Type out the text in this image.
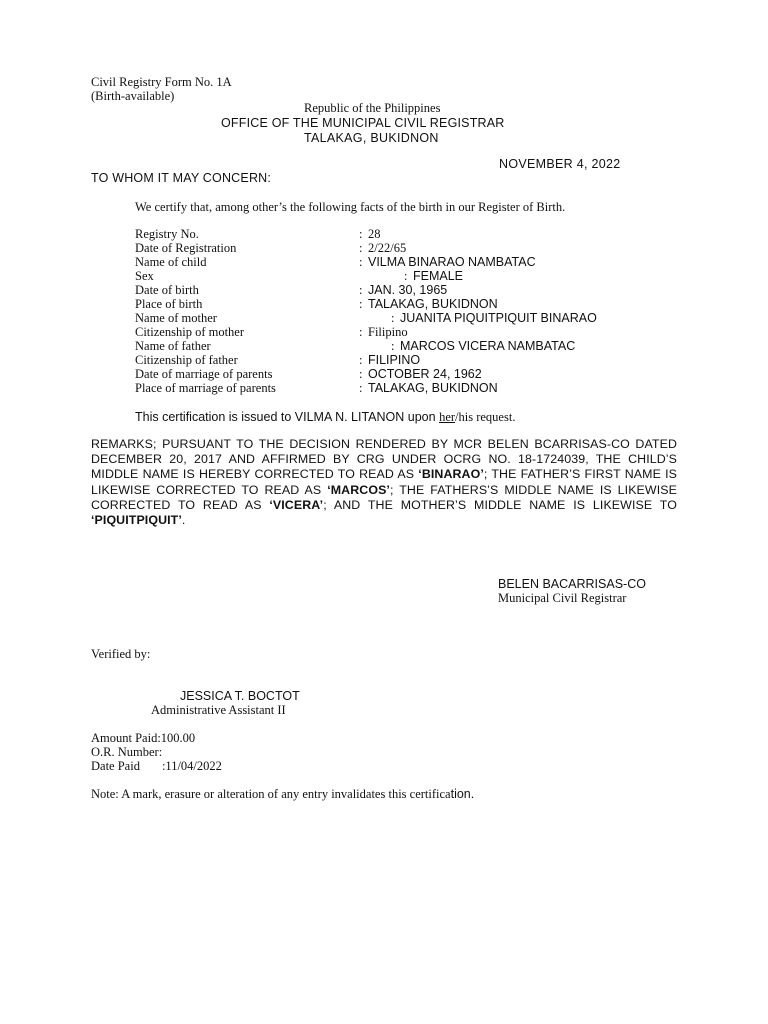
Civil Registry Form No. 1A
(Birth-available)
Republic of the Philippines
OFFICE OF THE MUNICIPAL CIVIL REGISTRAR
TALAKAG, BUKIDNON
NOVEMBER 4, 2022
TO WHOM IT MAY CONCERN:
We certify that, among other’s the following facts of the birth in our Register of Birth.
Registry No.	: 28
Date of Registration	: 2/22/65
Name of child	: VILMA BINARAO NAMBATAC
Sex	: FEMALE
Date of birth	: JAN. 30, 1965
Place of birth	: TALAKAG, BUKIDNON
Name of mother	: JUANITA PIQUITPIQUIT BINARAO
Citizenship of mother	: Filipino
Name of father	: MARCOS VICERA NAMBATAC
Citizenship of father	: FILIPINO
Date of marriage of parents	: OCTOBER 24, 1962
Place of marriage of parents	: TALAKAG, BUKIDNON
This certification is issued to VILMA N. LITANON upon her/his request.
REMARKS; PURSUANT TO THE DECISION RENDERED BY MCR BELEN BCARRISAS-CO DATED DECEMBER 20, 2017 AND AFFIRMED BY CRG UNDER OCRG NO. 18-1724039, THE CHILD’S MIDDLE NAME IS HEREBY CORRECTED TO READ AS ‘BINARAO’; THE FATHER’S FIRST NAME IS LIKEWISE CORRECTED TO READ AS ‘MARCOS’; THE FATHERS’S MIDDLE NAME IS LIKEWISE CORRECTED TO READ AS ‘VICERA’; AND THE MOTHER’S MIDDLE NAME IS LIKEWISE TO ‘PIQUITPIQUIT’.
BELEN BACARRISAS-CO
Municipal Civil Registrar
Verified by:
JESSICA T. BOCTOT
Administrative Assistant II
Amount Paid:100.00
O.R. Number:
Date Paid :11/04/2022
Note: A mark, erasure or alteration of any entry invalidates this certification.
